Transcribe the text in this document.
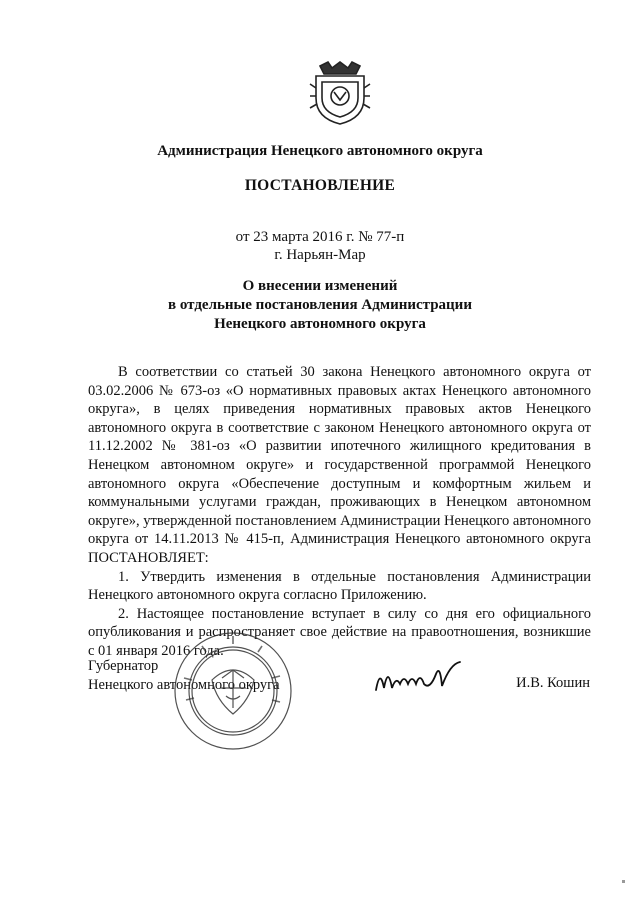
Администрация Ненецкого автономного округа
ПОСТАНОВЛЕНИЕ
от 23 марта 2016 г. № 77-п
г. Нарьян-Мар
О внесении изменений
в отдельные постановления Администрации
Ненецкого автономного округа

В соответствии со статьей 30 закона Ненецкого автономного округа от 03.02.2006 № 673-оз «О нормативных правовых актах Ненецкого автономного округа», в целях приведения нормативных правовых актов Ненецкого автономного округа в соответствие с законом Ненецкого автономного округа от 11.12.2002 № 381-оз «О развитии ипотечного жилищного кредитования в Ненецком автономном округе» и государственной программой Ненецкого автономного округа «Обеспечение доступным и комфортным жильем и коммунальными услугами граждан, проживающих в Ненецком автономном округе», утвержденной постановлением Администрации Ненецкого автономного округа от 14.11.2013 № 415-п, Администрация Ненецкого автономного округа ПОСТАНОВЛЯЕТ:

1. Утвердить изменения в отдельные постановления Администрации Ненецкого автономного округа согласно Приложению.

2. Настоящее постановление вступает в силу со дня его официального опубликования и распространяет свое действие на правоотношения, возникшие с 01 января 2016 года.

Губернатор
Ненецкого автономного округа	И.В. Кошин
